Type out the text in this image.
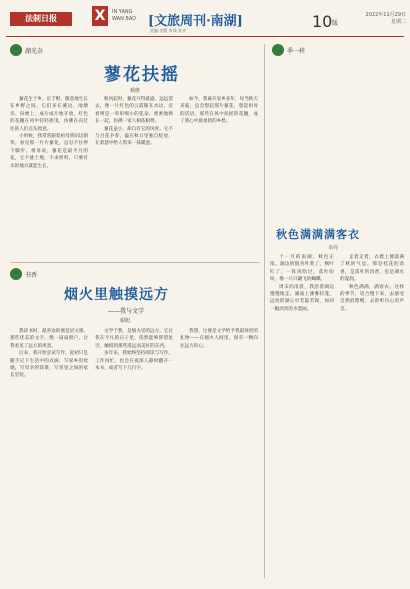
法制日报	X	IN YANG
WAN BAO [文旅周刊·南湖]	10 版
2022年11月29日
星期二
责编:金霞 审读:张卉
湖光杂
蓼花扶摇
杨斑

蓼花生于乡，长于野，随意地生长在乡野之间。它们多在溪边、池塘旁、田埂上，成片成片地开放，红色的花穗在风中轻轻摇曳，仿佛在向过往的人们点头致意。

小时候，我常常跟着祖母到田边割草，看见那一片片蓼花，总忍不住停下脚步。祖母说，蓼花是最平凡的花，它不挑土地，不求照料，只要有水的地方就能生长。

秋风起时，蓼花开得最盛。远远望去，像一片红色的云霞铺在水边，近看则是一串串细小的花朵，密密地挨在一起，仿佛一家人相依相偎。

蓼花虽小，却自有它的风骨。它不与百花争春，偏在秋日里独自绽放，在萧瑟中给人带来一抹暖意。

如今，我离开家乡多年，每当秋天来临，总会想起那片蓼花，想起祖母的话语。那些在风中扶摇的花穗，成了我心中最柔软的乡愁。

书香
烟火里触摸远方
——我与文学
谢旭

我读书时，最喜欢的便是语文课。那些优美的文字，像一扇扇窗户，让我看见了远方的风景。

后来，我开始尝试写作。起初只是随手记下生活中的点滴，写家乡的炊烟，写母亲的饭菜，写邻里之间的家长里短。

文学于我，是烟火里的远方。它让我在平凡的日子里，依然能够仰望星空，触摸到那些遥远而美好的东西。

多年来，我始终坚持阅读与写作。工作再忙，也会在夜深人静时翻开一本书，或者写下几行字。

我想，这便是文学给予我最珍贵的礼物——在烟火人间里，保有一颗向往远方的心。

季一样
秋色满满满客衣
余亮

十一月的南湖，秋色正浓。湖边的银杏叶黄了，枫叶红了，一阵风吹过，落叶纷纷，像一只只翩飞的蝴蝶。

周末的清晨，我沿着湖边慢慢地走。湖面上薄雾轻笼，远处的湖心亭若隐若现，如同一幅淡淡的水墨画。

走着走着，衣襟上便落满了秋的气息。那是桂花的余香，是落叶的清香，也是湖水的湿润。

秋色满满，满客衣。这样的季节，适合慢下来，去感受自然的馈赠，去聆听内心的声音。
